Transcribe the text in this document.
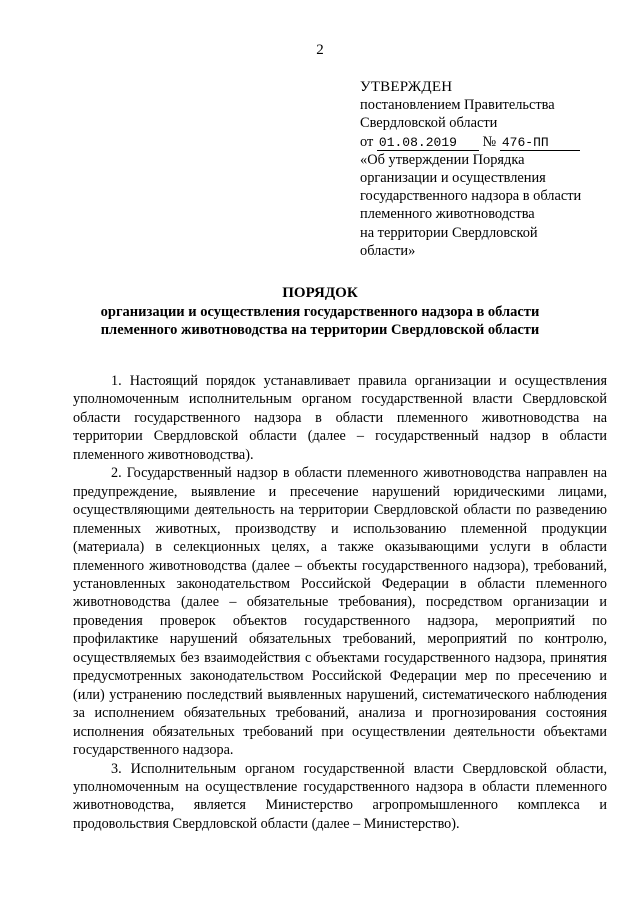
2
УТВЕРЖДЕН
постановлением Правительства
Свердловской области
от 01.08.2019 № 476-ПП
«Об утверждении Порядка
организации и осуществления
государственного надзора в области
племенного животноводства
на территории Свердловской
области»
ПОРЯДОК
организации и осуществления государственного надзора в области
племенного животноводства на территории Свердловской области

1. Настоящий порядок устанавливает правила организации и осуществления уполномоченным исполнительным органом государственной власти Свердловской области государственного надзора в области племенного животноводства на территории Свердловской области (далее – государственный надзор в области племенного животноводства).

2. Государственный надзор в области племенного животноводства направлен на предупреждение, выявление и пресечение нарушений юридическими лицами, осуществляющими деятельность на территории Свердловской области по разведению племенных животных, производству и использованию племенной продукции (материала) в селекционных целях, а также оказывающими услуги в области племенного животноводства (далее – объекты государственного надзора), требований, установленных законодательством Российской Федерации в области племенного животноводства (далее – обязательные требования), посредством организации и проведения проверок объектов государственного надзора, мероприятий по профилактике нарушений обязательных требований, мероприятий по контролю, осуществляемых без взаимодействия с объектами государственного надзора, принятия предусмотренных законодательством Российской Федерации мер по пресечению и (или) устранению последствий выявленных нарушений, систематического наблюдения за исполнением обязательных требований, анализа и прогнозирования состояния исполнения обязательных требований при осуществлении деятельности объектами государственного надзора.

3. Исполнительным органом государственной власти Свердловской области, уполномоченным на осуществление государственного надзора в области племенного животноводства, является Министерство агропромышленного комплекса и продовольствия Свердловской области (далее – Министерство).
